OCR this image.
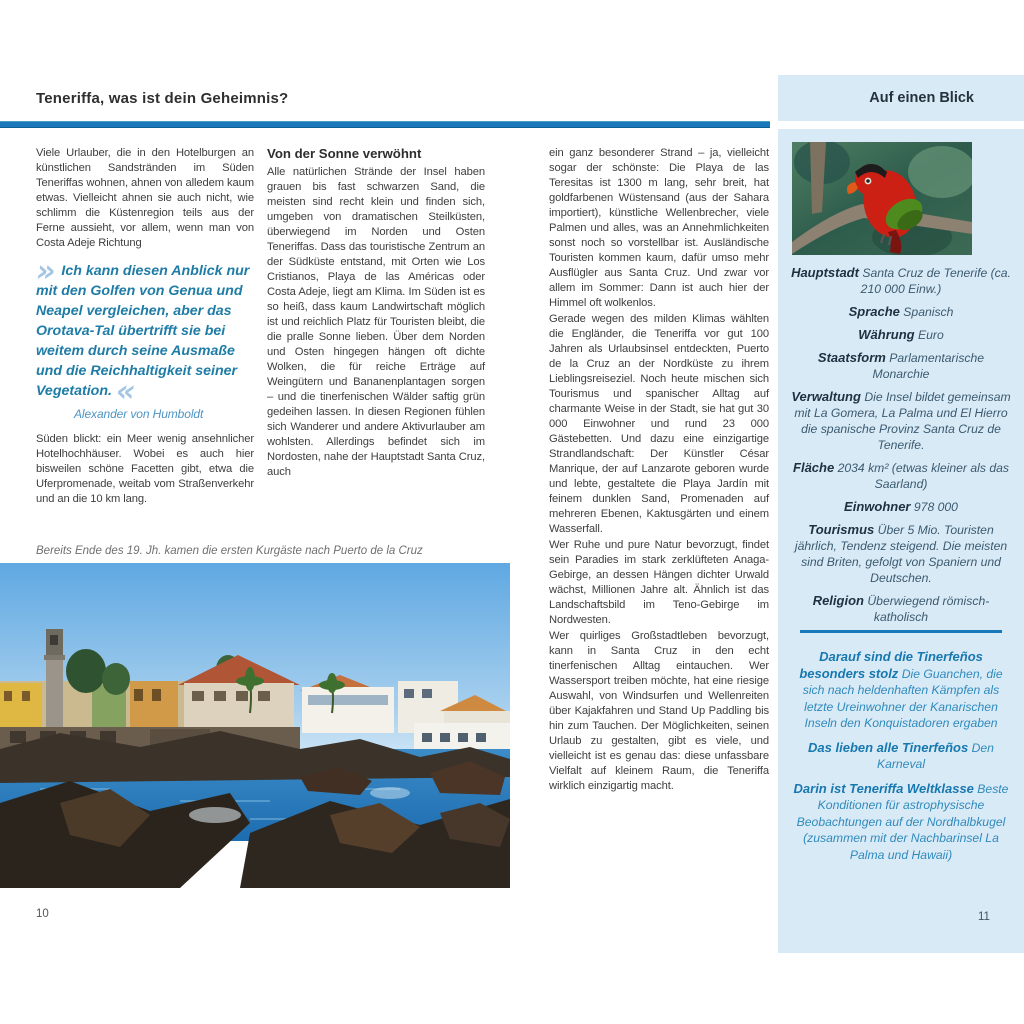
Teneriffa, was ist dein Geheimnis?

Viele Urlauber, die in den Hotelburgen an künstlichen Sandstränden im Süden Teneriffas wohnen, ahnen von alledem kaum etwas. Vielleicht ahnen sie auch nicht, wie schlimm die Küstenregion teils aus der Ferne aussieht, vor allem, wenn man von Costa Adeje Richtung

» Ich kann diesen Anblick nur mit den Golfen von Genua und Neapel vergleichen, aber das Orotava-Tal übertrifft sie bei weitem durch seine Ausmaße und die Reichhaltigkeit seiner Vegetation. «
Alexander von Humboldt

Süden blickt: ein Meer wenig ansehnlicher Hotelhochhäuser. Wobei es auch hier bisweilen schöne Facetten gibt, etwa die Uferpromenade, weitab vom Straßenverkehr und an die 10 km lang.

Von der Sonne verwöhnt

Alle natürlichen Strände der Insel haben grauen bis fast schwarzen Sand, die meisten sind recht klein und finden sich, umgeben von dramatischen Steilküsten, überwiegend im Norden und Osten Teneriffas. Dass das touristische Zentrum an der Südküste entstand, mit Orten wie Los Cristianos, Playa de las Américas oder Costa Adeje, liegt am Klima. Im Süden ist es so heiß, dass kaum Landwirtschaft möglich ist und reichlich Platz für Touristen bleibt, die die pralle Sonne lieben. Über dem Norden und Osten hingegen hängen oft dichte Wolken, die für reiche Erträge auf Weingütern und Bananenplantagen sorgen – und die tinerfenischen Wälder saftig grün gedeihen lassen. In diesen Regionen fühlen sich Wanderer und andere Aktivurlauber am wohlsten. Allerdings befindet sich im Nordosten, nahe der Hauptstadt Santa Cruz, auch

ein ganz besonderer Strand – ja, vielleicht sogar der schönste: Die Playa de las Teresitas ist 1300 m lang, sehr breit, hat goldfarbenen Wüstensand (aus der Sahara importiert), künstliche Wellenbrecher, viele Palmen und alles, was an Annehmlichkeiten sonst noch so vorstellbar ist. Ausländische Touristen kommen kaum, dafür umso mehr Ausflügler aus Santa Cruz. Und zwar vor allem im Sommer: Dann ist auch hier der Himmel oft wolkenlos.

Gerade wegen des milden Klimas wählten die Engländer, die Teneriffa vor gut 100 Jahren als Urlaubsinsel entdeckten, Puerto de la Cruz an der Nordküste zu ihrem Lieblingsreiseziel. Noch heute mischen sich Tourismus und spanischer Alltag auf charmante Weise in der Stadt, sie hat gut 30 000 Einwohner und rund 23 000 Gästebetten. Und dazu eine einzigartige Strandlandschaft: Der Künstler César Manrique, der auf Lanzarote geboren wurde und lebte, gestaltete die Playa Jardín mit feinem dunklen Sand, Promenaden auf mehreren Ebenen, Kaktusgärten und einem Wasserfall.

Wer Ruhe und pure Natur bevorzugt, findet sein Paradies im stark zerklüfteten Anaga-Gebirge, an dessen Hängen dichter Urwald wächst, Millionen Jahre alt. Ähnlich ist das Landschaftsbild im Teno-Gebirge im Nordwesten.

Wer quirliges Großstadtleben bevorzugt, kann in Santa Cruz in den echt tinerfenischen Alltag eintauchen. Wer Wassersport treiben möchte, hat eine riesige Auswahl, von Windsurfen und Wellenreiten über Kajakfahren und Stand Up Paddling bis hin zum Tauchen. Der Möglichkeiten, seinen Urlaub zu gestalten, gibt es viele, und vielleicht ist es genau das: diese unfassbare Vielfalt auf kleinem Raum, die Teneriffa wirklich einzigartig macht.

Bereits Ende des 19. Jh. kamen die ersten Kurgäste nach Puerto de la Cruz
10
Auf einen Blick

Hauptstadt Santa Cruz de Tenerife (ca. 210 000 Einw.)

Sprache Spanisch

Währung Euro

Staatsform Parlamentarische Monarchie

Verwaltung Die Insel bildet gemeinsam mit La Gomera, La Palma und El Hierro die spanische Provinz Santa Cruz de Tenerife.

Fläche 2034 km² (etwas kleiner als das Saarland)

Einwohner 978 000

Tourismus Über 5 Mio. Touristen jährlich, Tendenz steigend. Die meisten sind Briten, gefolgt von Spaniern und Deutschen.

Religion Überwiegend römisch-katholisch

Darauf sind die Tinerfeños besonders stolz Die Guanchen, die sich nach heldenhaften Kämpfen als letzte Ureinwohner der Kanarischen Inseln den Konquistadoren ergaben

Das lieben alle Tinerfeños Den Karneval

Darin ist Teneriffa Weltklasse Beste Konditionen für astrophysische Beobachtungen auf der Nordhalbkugel (zusammen mit der Nachbarinsel La Palma und Hawaii)

11
